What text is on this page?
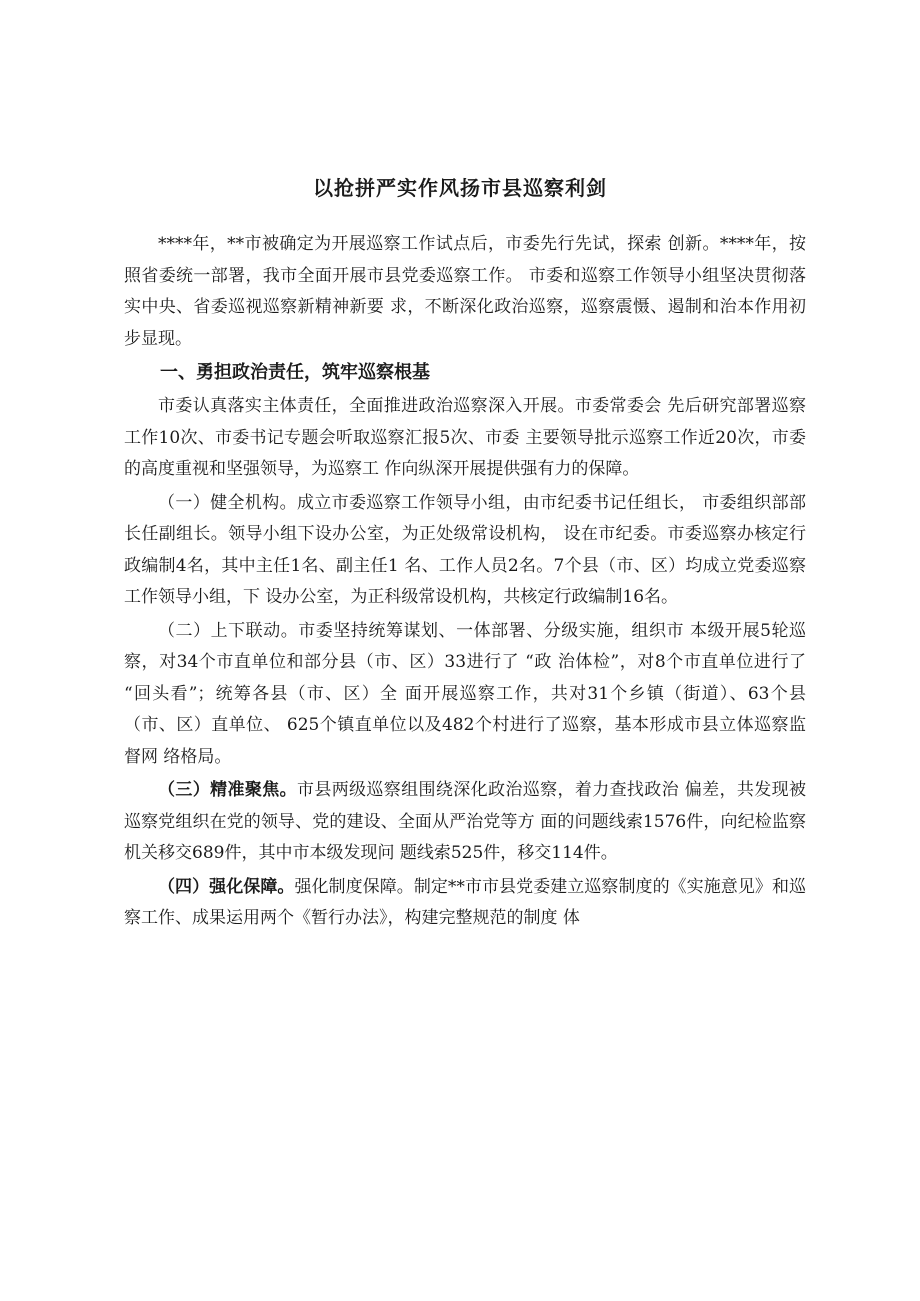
以抢拼严实作风扬市县巡察利剑

****年，**市被确定为开展巡察工作试点后，市委先行先试，探索 创新。****年，按照省委统一部署，我市全面开展市县党委巡察工作。 市委和巡察工作领导小组坚决贯彻落实中央、省委巡视巡察新精神新要 求，不断深化政治巡察，巡察震慑、遏制和治本作用初步显现。

一、勇担政治责任，筑牢巡察根基

市委认真落实主体责任，全面推进政治巡察深入开展。市委常委会 先后研究部署巡察工作10次、市委书记专题会听取巡察汇报5次、市委 主要领导批示巡察工作近20次，市委的高度重视和坚强领导，为巡察工 作向纵深开展提供强有力的保障。

（一）健全机构。成立市委巡察工作领导小组，由市纪委书记任组长， 市委组织部部长任副组长。领导小组下设办公室，为正处级常设机构， 设在市纪委。市委巡察办核定行政编制4名，其中主任1名、副主任1 名、工作人员2名。7个县（市、区）均成立党委巡察工作领导小组，下 设办公室，为正科级常设机构，共核定行政编制16名。

（二）上下联动。市委坚持统筹谋划、一体部署、分级实施，组织市 本级开展5轮巡察，对34个市直单位和部分县（市、区）33进行了 “政 治体检”，对8个市直单位进行了 “回头看”；统筹各县（市、区）全 面开展巡察工作，共对31个乡镇（街道）、63个县（市、区）直单位、 625个镇直单位以及482个村进行了巡察，基本形成市县立体巡察监督网 络格局。

（三）精准聚焦。市县两级巡察组围绕深化政治巡察，着力查找政治 偏差，共发现被巡察党组织在党的领导、党的建设、全面从严治党等方 面的问题线索1576件，向纪检监察机关移交689件，其中市本级发现问 题线索525件，移交114件。

（四）强化保障。强化制度保障。制定**市市县党委建立巡察制度的《实施意见》和巡察工作、成果运用两个《暂行办法》，构建完整规范的制度 体
